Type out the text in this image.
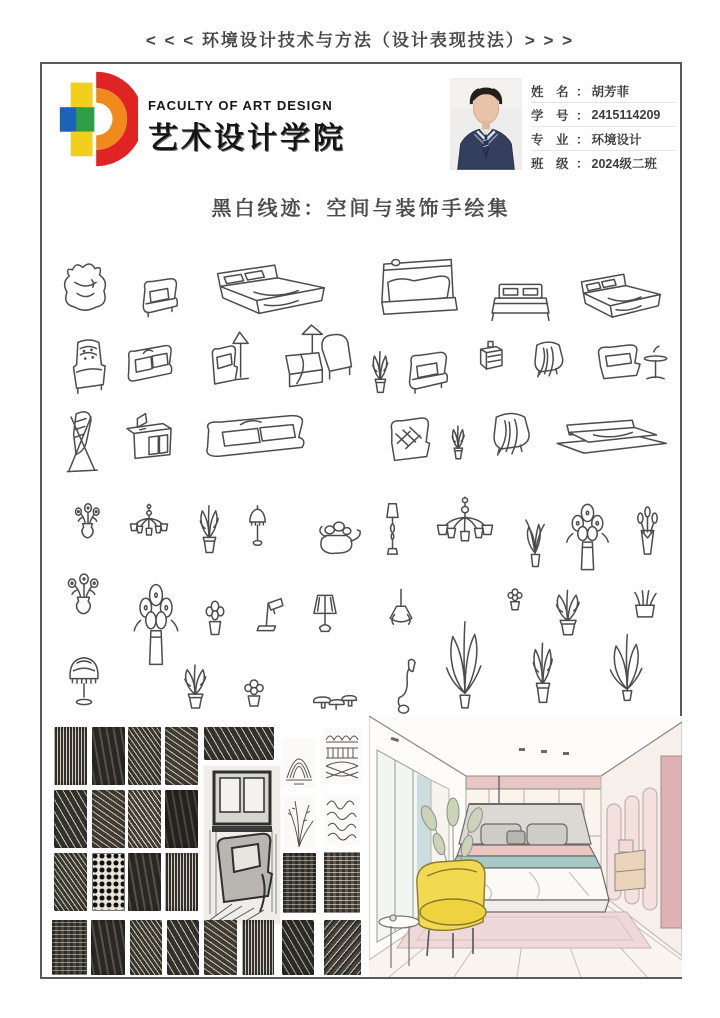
< < < 环境设计技术与方法（设计表现技法）> > >
FACULTY OF ART DESIGN
艺术设计学院
姓　名 ： 胡芳菲
学　号 ： 2415114209
专　业 ： 环境设计
班　级 ： 2024级二班
黑白线迹：空间与装饰手绘集
